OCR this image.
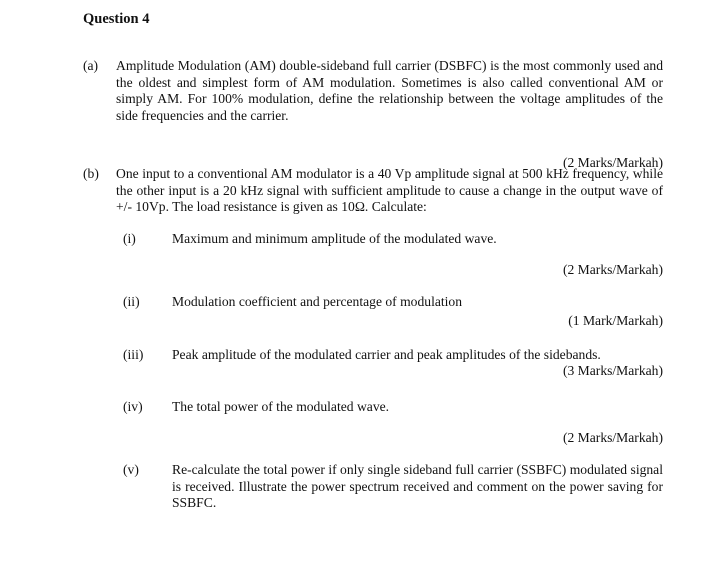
Question 4
(a) Amplitude Modulation (AM) double-sideband full carrier (DSBFC) is the most commonly used and the oldest and simplest form of AM modulation. Sometimes is also called conventional AM or simply AM. For 100% modulation, define the relationship between the voltage amplitudes of the side frequencies and the carrier.
(2 Marks/Markah)
(b) One input to a conventional AM modulator is a 40 Vp amplitude signal at 500 kHz frequency, while the other input is a 20 kHz signal with sufficient amplitude to cause a change in the output wave of +/- 10Vp. The load resistance is given as 10Ω. Calculate:
(i)	Maximum and minimum amplitude of the modulated wave.
(2 Marks/Markah)
(ii) Modulation coefficient and percentage of modulation
(1 Mark/Markah)
(iii) Peak amplitude of the modulated carrier and peak amplitudes of the sidebands.
(3 Marks/Markah)
(iv) The total power of the modulated wave.
(2 Marks/Markah)
(v) Re-calculate the total power if only single sideband full carrier (SSBFC) modulated signal is received. Illustrate the power spectrum received and comment on the power saving for SSBFC.
